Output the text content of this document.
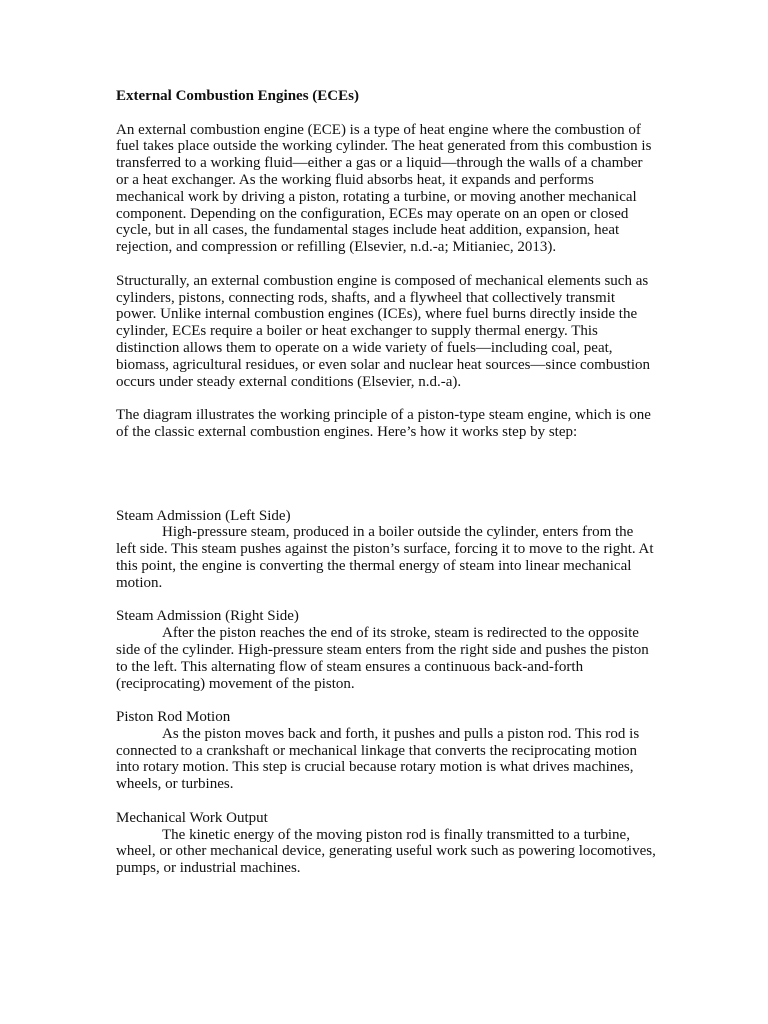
External Combustion Engines (ECEs)

An external combustion engine (ECE) is a type of heat engine where the combustion of fuel takes place outside the working cylinder. The heat generated from this combustion is transferred to a working fluid—either a gas or a liquid—through the walls of a chamber or a heat exchanger. As the working fluid absorbs heat, it expands and performs mechanical work by driving a piston, rotating a turbine, or moving another mechanical component. Depending on the configuration, ECEs may operate on an open or closed cycle, but in all cases, the fundamental stages include heat addition, expansion, heat rejection, and compression or refilling (Elsevier, n.d.-a; Mitianiec, 2013).

Structurally, an external combustion engine is composed of mechanical elements such as cylinders, pistons, connecting rods, shafts, and a flywheel that collectively transmit power. Unlike internal combustion engines (ICEs), where fuel burns directly inside the cylinder, ECEs require a boiler or heat exchanger to supply thermal energy. This distinction allows them to operate on a wide variety of fuels—including coal, peat, biomass, agricultural residues, or even solar and nuclear heat sources—since combustion occurs under steady external conditions (Elsevier, n.d.-a).

The diagram illustrates the working principle of a piston-type steam engine, which is one of the classic external combustion engines. Here’s how it works step by step:

Steam Admission (Left Side)
High-pressure steam, produced in a boiler outside the cylinder, enters from the left side. This steam pushes against the piston’s surface, forcing it to move to the right. At this point, the engine is converting the thermal energy of steam into linear mechanical motion.
Steam Admission (Right Side)
After the piston reaches the end of its stroke, steam is redirected to the opposite side of the cylinder. High-pressure steam enters from the right side and pushes the piston to the left. This alternating flow of steam ensures a continuous back-and-forth (reciprocating) movement of the piston.
Piston Rod Motion
As the piston moves back and forth, it pushes and pulls a piston rod. This rod is connected to a crankshaft or mechanical linkage that converts the reciprocating motion into rotary motion. This step is crucial because rotary motion is what drives machines, wheels, or turbines.
Mechanical Work Output
The kinetic energy of the moving piston rod is finally transmitted to a turbine, wheel, or other mechanical device, generating useful work such as powering locomotives, pumps, or industrial machines.
